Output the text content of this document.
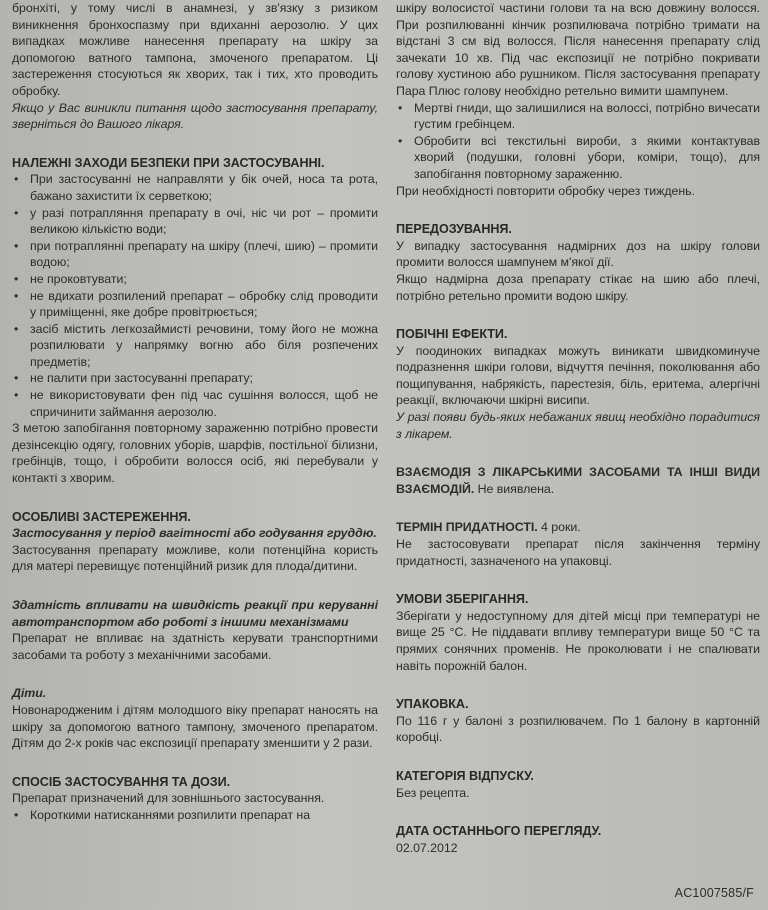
бронхіті, у тому числі в анамнезі, у зв'язку з ризиком виникнення бронхоспазму при вдиханні аерозолю. У цих випадках можливе нанесення препарату на шкіру за допомогою ватного тампона, змоченого препаратом. Ці застереження стосуються як хворих, так і тих, хто проводить обробку.

Якщо у Вас виникли питання щодо застосування препарату, зверніться до Вашого лікаря.

НАЛЕЖНІ ЗАХОДИ БЕЗПЕКИ ПРИ ЗАСТОСУВАННІ.

• При застосуванні не направляти у бік очей, носа та рота, бажано захистити їх серветкою;
• у разі потрапляння препарату в очі, ніс чи рот – промити великою кількістю води;
• при потраплянні препарату на шкіру (плечі, шию) – промити водою;
• не проковтувати;
• не вдихати розпилений препарат – обробку слід проводити у приміщенні, яке добре провітрюється;
• засіб містить легкозаймисті речовини, тому його не можна розпилювати у напрямку вогню або біля розпечених предметів;
• не палити при застосуванні препарату;
• не використовувати фен під час сушіння волосся, щоб не спричинити займання аерозолю.

З метою запобігання повторному зараженню потрібно провести дезінсекцію одягу, головних уборів, шарфів, постільної білизни, гребінців, тощо, і обробити волосся осіб, які перебували у контакті з хворим.

ОСОБЛИВІ ЗАСТЕРЕЖЕННЯ.

Застосування у період вагітності або годування груддю.

Застосування препарату можливе, коли потенційна користь для матері перевищує потенційний ризик для плода/дитини.

Здатність впливати на швидкість реакції при керуванні автотранспортом або роботі з іншими механізмами

Препарат не впливає на здатність керувати транспортними засобами та роботу з механічними засобами.

Діти.

Новонародженим і дітям молодшого віку препарат наносять на шкіру за допомогою ватного тампону, змоченого препаратом. Дітям до 2-х років час експозиції препарату зменшити у 2 рази.

СПОСІБ ЗАСТОСУВАННЯ ТА ДОЗИ.

Препарат призначений для зовнішнього застосування.

• Короткими натисканнями розпилити препарат на

шкіру волосистої частини голови та на всю довжину волосся. При розпилюванні кінчик розпилювача потрібно тримати на відстані 3 см від волосся. Після нанесення препарату слід зачекати 10 хв. Під час експозиції не потрібно покривати голову хустиною або рушником. Після застосування препарату Пара Плюс голову необхідно ретельно вимити шампунем.

• Мертві гниди, що залишилися на волоссі, потрібно вичесати густим гребінцем.
• Обробити всі текстильні вироби, з якими контактував хворий (подушки, головні убори, коміри, тощо), для запобігання повторному зараженню.

При необхідності повторити обробку через тиждень.

ПЕРЕДОЗУВАННЯ.

У випадку застосування надмірних доз на шкіру голови промити волосся шампунем м'якої дії.

Якщо надмірна доза препарату стікає на шию або плечі, потрібно ретельно промити водою шкіру.

ПОБІЧНІ ЕФЕКТИ.

У поодиноких випадках можуть виникати швидкоминуче подразнення шкіри голови, відчуття печіння, поколювання або пощипування, набрякість, парестезія, біль, еритема, алергічні реакції, включаючи шкірні висипи.

У разі появи будь-яких небажаних явищ необхідно порадитися з лікарем.

ВЗАЄМОДІЯ З ЛІКАРСЬКИМИ ЗАСОБАМИ ТА ІНШІ ВИДИ ВЗАЄМОДІЙ. Не виявлена.

ТЕРМІН ПРИДАТНОСТІ. 4 роки.

Не застосовувати препарат після закінчення терміну придатності, зазначеного на упаковці.

УМОВИ ЗБЕРІГАННЯ.

Зберігати у недоступному для дітей місці при температурі не вище 25 °С. Не піддавати впливу температури вище 50 °С та прямих сонячних променів. Не проколювати і не спалювати навіть порожній балон.

УПАКОВКА.

По 116 г у балоні з розпилювачем. По 1 балону в картонній коробці.

КАТЕГОРІЯ ВІДПУСКУ.

Без рецепта.

ДАТА ОСТАННЬОГО ПЕРЕГЛЯДУ.

02.07.2012

AC1007585/F
